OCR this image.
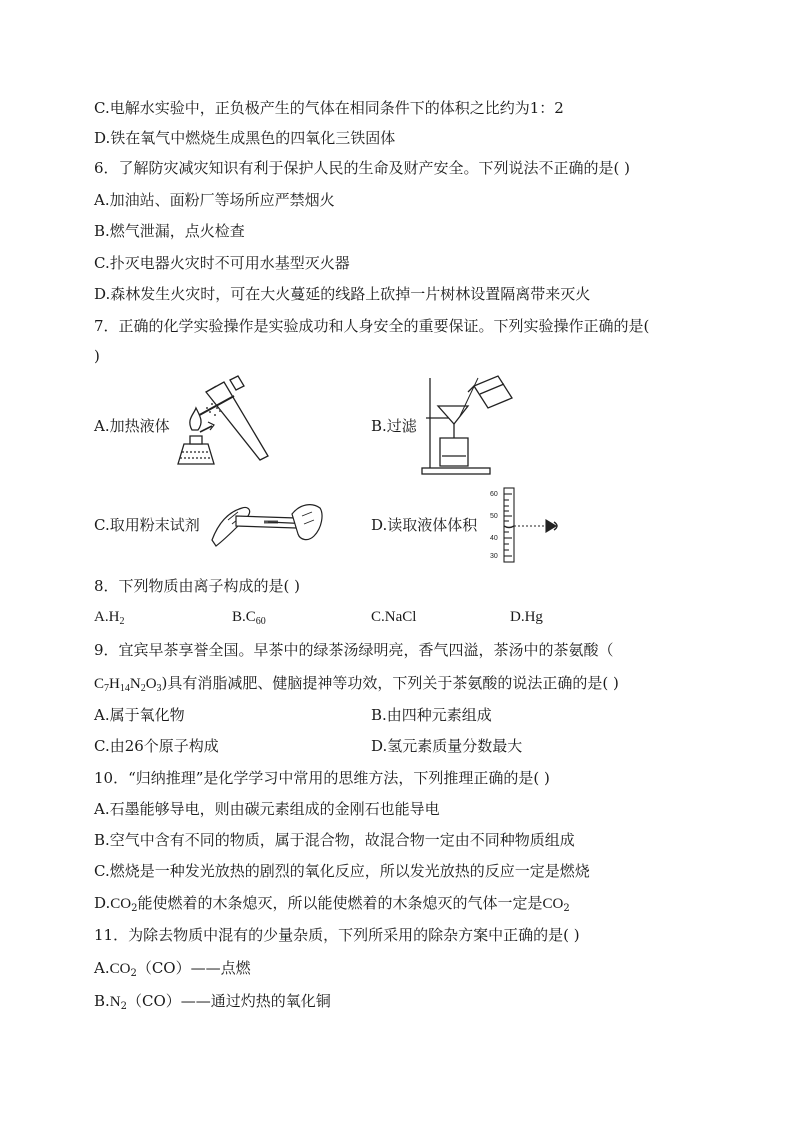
C.电解水实验中，正负极产生的气体在相同条件下的体积之比约为1：2
D.铁在氧气中燃烧生成黑色的四氧化三铁固体
6．了解防灾减灾知识有利于保护人民的生命及财产安全。下列说法不正确的是( )
A.加油站、面粉厂等场所应严禁烟火
B.燃气泄漏，点火检查
C.扑灭电器火灾时不可用水基型灭火器
D.森林发生火灾时，可在大火蔓延的线路上砍掉一片树林设置隔离带来灭火
7．正确的化学实验操作是实验成功和人身安全的重要保证。下列实验操作正确的是(
)
A.加热液体	B.过滤
C.取用粉末试剂	D.读取液体体积
60
50
40
30
8．下列物质由离子构成的是( )
$A.H_2$	$B.C_{60}$	C.NaCl	D.Hg
9．宜宾早茶享誉全国。早茶中的绿茶汤绿明亮，香气四溢，茶汤中的茶氨酸（
$C_7H_{14}N_2O_3$)具有消脂减肥、健脑提神等功效，下列关于茶氨酸的说法正确的是( )
A.属于氧化物	B.由四种元素组成
C.由26个原子构成	D.氢元素质量分数最大
10．“归纳推理”是化学学习中常用的思维方法，下列推理正确的是( )
A.石墨能够导电，则由碳元素组成的金刚石也能导电
B.空气中含有不同的物质，属于混合物，故混合物一定由不同种物质组成
C.燃烧是一种发光放热的剧烈的氧化反应，所以发光放热的反应一定是燃烧
$D.CO_2$能使燃着的木条熄灭，所以能使燃着的木条熄灭的气体一定是$CO_2$
11．为除去物质中混有的少量杂质，下列所采用的除杂方案中正确的是( )
$A.CO_2(CO)——$点燃
$B.N_2(CO)——$通过灼热的氧化铜
